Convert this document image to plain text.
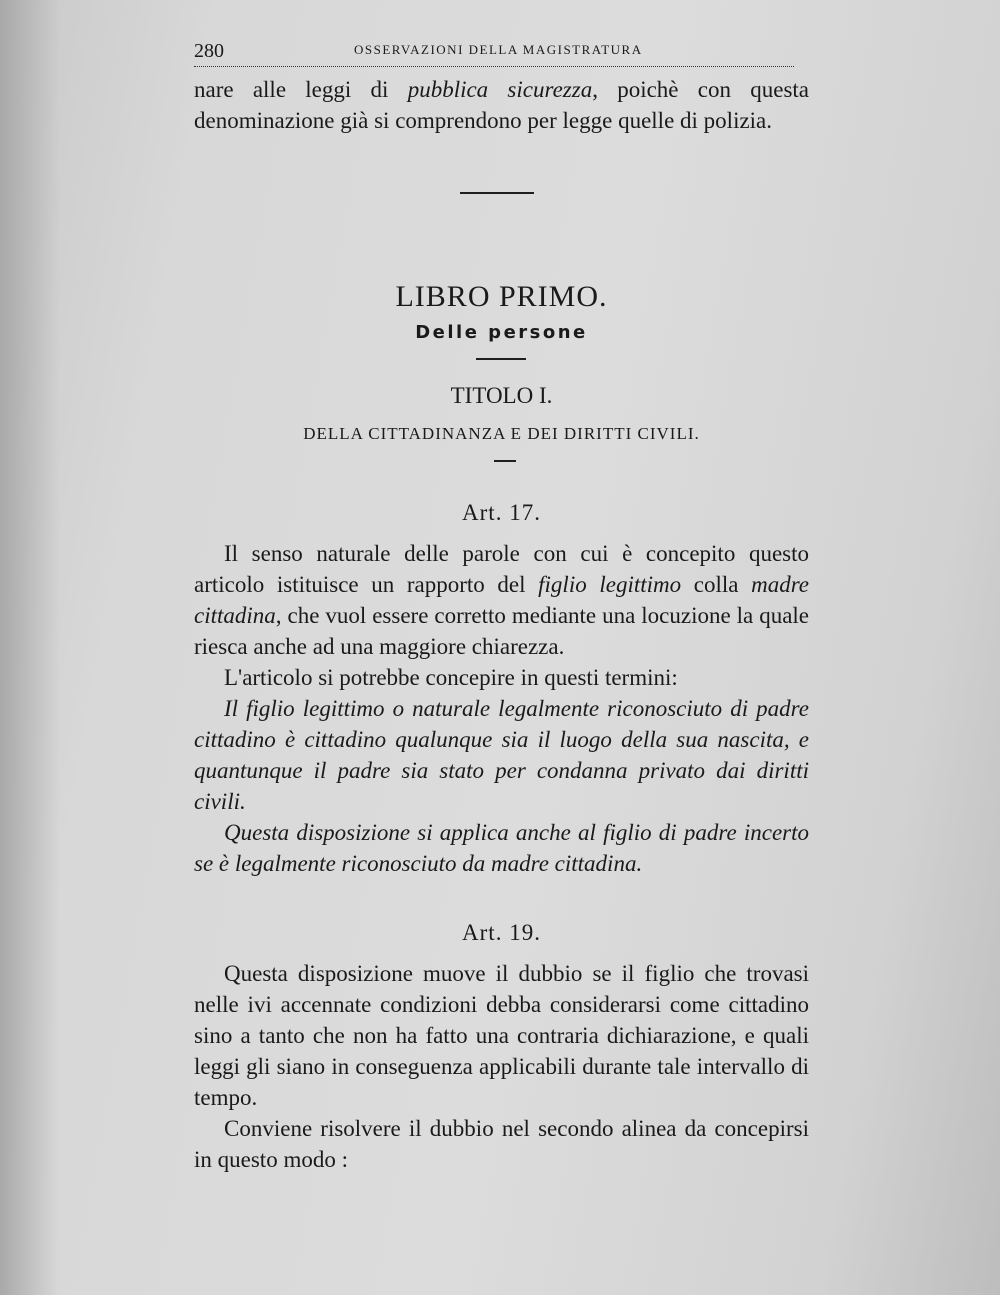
280	OSSERVAZIONI DELLA MAGISTRATURA

nare alle leggi di pubblica sicurezza, poichè con questa denominazione già si comprendono per legge quelle di polizia.

LIBRO PRIMO.
Delle persone
TITOLO I.
DELLA CITTADINANZA E DEI DIRITTI CIVILI.
Art. 17.

Il senso naturale delle parole con cui è concepito questo articolo istituisce un rapporto del figlio legittimo colla madre cittadina, che vuol essere corretto mediante una locuzione la quale riesca anche ad una maggiore chiarezza.

L'articolo si potrebbe concepire in questi termini:

Il figlio legittimo o naturale legalmente riconosciuto di padre cittadino è cittadino qualunque sia il luogo della sua nascita, e quantunque il padre sia stato per condanna privato dai diritti civili.

Questa disposizione si applica anche al figlio di padre incerto se è legalmente riconosciuto da madre cittadina.

Art. 19.

Questa disposizione muove il dubbio se il figlio che trovasi nelle ivi accennate condizioni debba considerarsi come cittadino sino a tanto che non ha fatto una contraria dichiarazione, e quali leggi gli siano in conseguenza applicabili durante tale intervallo di tempo.

Conviene risolvere il dubbio nel secondo alinea da concepirsi in questo modo :
